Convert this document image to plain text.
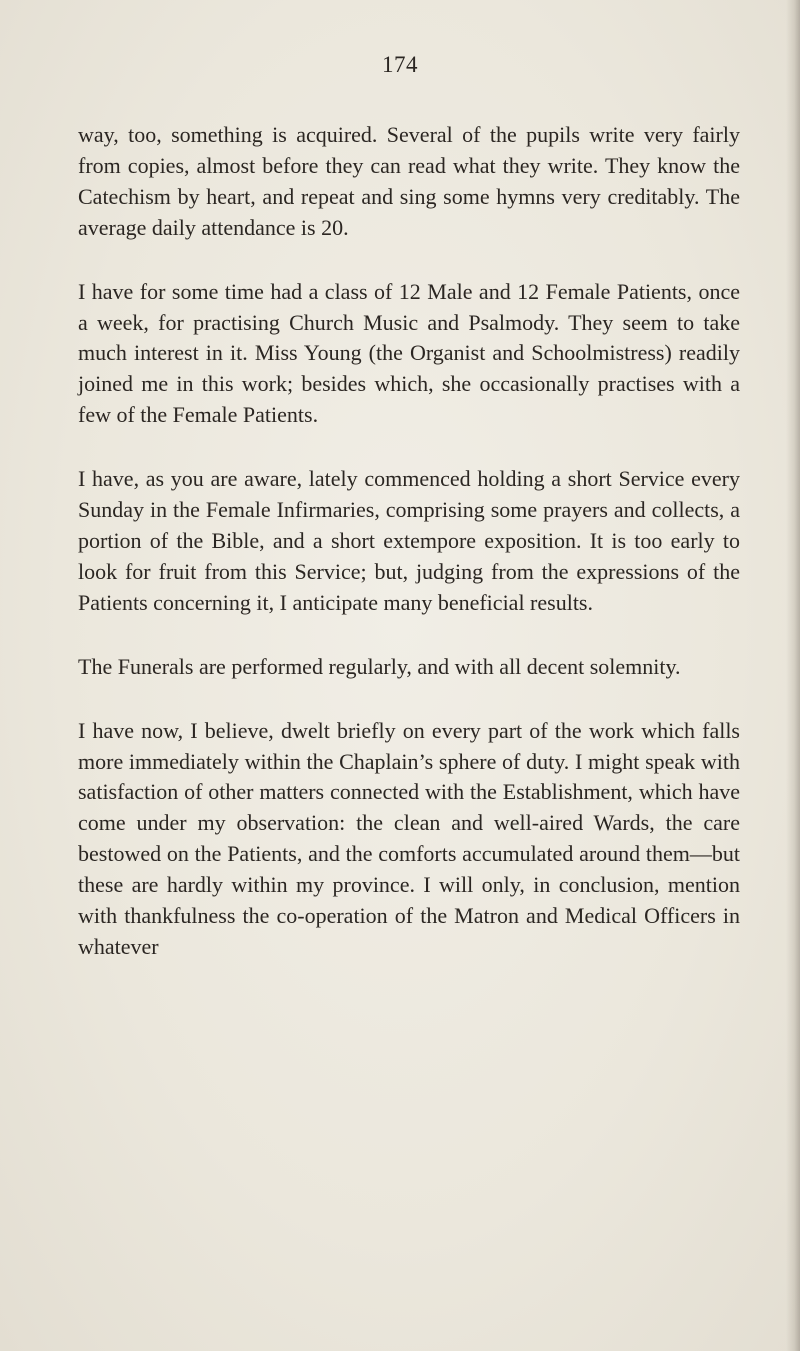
174

way, too, something is acquired. Several of the pupils write very fairly from copies, almost before they can read what they write. They know the Catechism by heart, and repeat and sing some hymns very creditably. The average daily attendance is 20.

I have for some time had a class of 12 Male and 12 Female Patients, once a week, for practising Church Music and Psalmody. They seem to take much interest in it. Miss Young (the Organist and Schoolmistress) readily joined me in this work; besides which, she occasionally practises with a few of the Female Patients.

I have, as you are aware, lately commenced holding a short Service every Sunday in the Female Infirmaries, comprising some prayers and collects, a portion of the Bible, and a short extempore exposition. It is too early to look for fruit from this Service; but, judging from the expressions of the Patients concerning it, I anticipate many beneficial results.

The Funerals are performed regularly, and with all decent solemnity.

I have now, I believe, dwelt briefly on every part of the work which falls more immediately within the Chaplain’s sphere of duty. I might speak with satisfaction of other matters connected with the Establishment, which have come under my observation: the clean and well-aired Wards, the care bestowed on the Patients, and the comforts accumulated around them—but these are hardly within my province. I will only, in conclusion, mention with thankfulness the co-operation of the Matron and Medical Officers in whatever
